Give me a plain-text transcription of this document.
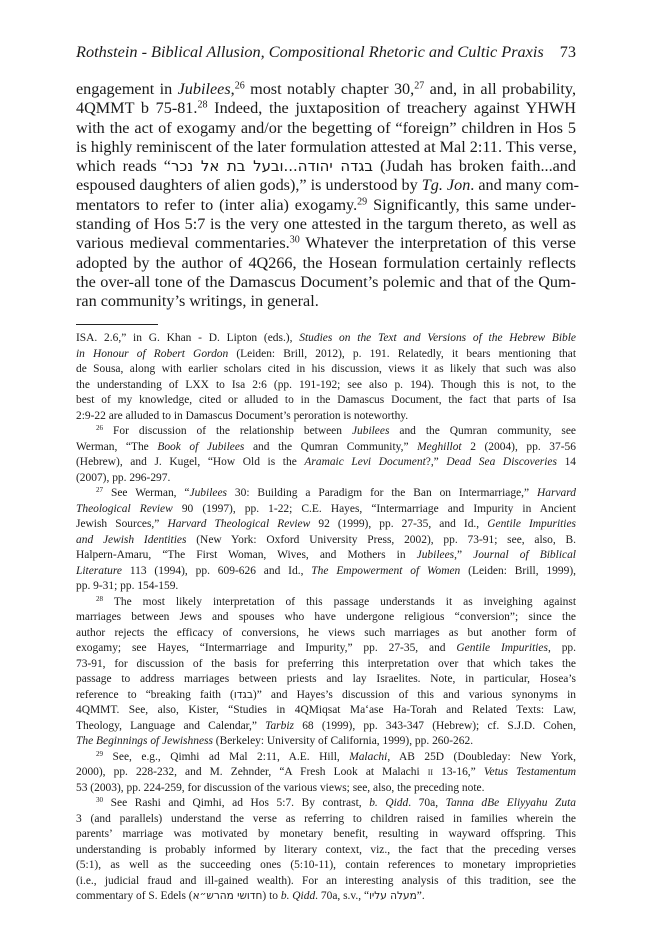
Rothstein - Biblical Allusion, Compositional Rhetoric and Cultic Praxis 73
engagement in Jubilees,$^{26}$ most notably chapter 30,27 and, in all probability,
4QMMT b 75-81.28 Indeed, the juxtaposition of treachery against YHWH
with the act of exogamy and/or the begetting of “foreign” children in Hos 5
is highly reminiscent of the later formulation attested at Mal 2:11. This verse,
which reads “בגדה יהודה...ובעל בת אל נכר (Judah has broken faith...and
espoused daughters of alien gods),” is understood by Tg. Jon. and many com-
mentators to refer to (inter alia) exogamy.$^{29}$ Significantly, this same under-
standing of Hos 5:7 is the very one attested in the targum thereto, as well as
various medieval commentaries.$^{30}$ Whatever the interpretation of this verse
adopted by the author of 4Q266, the Hosean formulation certainly reflects
the over-all tone of the Damascus Document’s polemic and that of the Qum-
ran community’s writings, in general.
ISA. 2.6,” in G. Khan - D. Lipton (eds.), Studies on the Text and Versions of the Hebrew Bible
in Honour of Robert Gordon (Leiden: Brill, 2012), p. 191. Relatedly, it bears mentioning that
de Sousa, along with earlier scholars cited in his discussion, views it as likely that such was also
the understanding of LXX to Isa 2:6 (pp. 191-192; see also p. 194). Though this is not, to the
best of my knowledge, cited or alluded to in the Damascus Document, the fact that parts of Isa
2:9-22 are alluded to in Damascus Document’s peroration is noteworthy.
$^{26}$ For discussion of the relationship between Jubilees and the Qumran community, see
Werman, “The Book of Jubilees and the Qumran Community,” Meghillot 2 (2004), pp. 37-56
(Hebrew), and J. Kugel, “How Old is the Aramaic Levi Document?,” Dead Sea Discoveries 14
(2007), pp. 296-297.
$^{27}$ See Werman, “Jubilees 30: Building a Paradigm for the Ban on Intermarriage,” Harvard
Theological Review 90 (1997), pp. 1-22; C.E. Hayes, “Intermarriage and Impurity in Ancient
Jewish Sources,” Harvard Theological Review 92 (1999), pp. 27-35, and Id., Gentile Impurities
and Jewish Identities (New York: Oxford University Press, 2002), pp. 73-91; see, also, B.
Halpern-Amaru, “The First Woman, Wives, and Mothers in Jubilees,” Journal of Biblical
Literature 113 (1994), pp. 609-626 and Id., The Empowerment of Women (Leiden: Brill, 1999),
pp. 9-31; pp. 154-159.
$^{28}$ The most likely interpretation of this passage understands it as inveighing against
marriages between Jews and spouses who have undergone religious “conversion”; since the
author rejects the efficacy of conversions, he views such marriages as but another form of
exogamy; see Hayes, “Intermarriage and Impurity,” pp. 27-35, and Gentile Impurities, pp.
73-91, for discussion of the basis for preferring this interpretation over that which takes the
passage to address marriages between priests and lay Israelites. Note, in particular, Hosea’s
reference to “breaking faith (בגדו)” and Hayes’s discussion of this and various synonyms in
4QMMT. See, also, Kister, “Studies in 4QMiqsat Ma‘ase Ha-Torah and Related Texts: Law,
Theology, Language and Calendar,” Tarbiz 68 (1999), pp. 343-347 (Hebrew); cf. S.J.D. Cohen,
The Beginnings of Jewishness (Berkeley: University of California, 1999), pp. 260-262.
$^{29}$ See, e.g., Qimhi ad Mal 2:11, A.E. Hill, Malachi, AB 25D (Doubleday: New York,
2000), pp. 228-232, and M. Zehnder, “A Fresh Look at Malachi ii 13-16,” Vetus Testamentum
53 (2003), pp. 224-259, for discussion of the various views; see, also, the preceding note.
$^{30}$ See Rashi and Qimhi, ad Hos 5:7. By contrast, b. Qidd. 70a, Tanna dBe Eliyyahu Zuta
3 (and parallels) understand the verse as referring to children raised in families wherein the
parents’ marriage was motivated by monetary benefit, resulting in wayward offspring. This
understanding is probably informed by literary context, viz., the fact that the preceding verses
(5:1), as well as the succeeding ones (5:10-11), contain references to monetary improprieties
(i.e., judicial fraud and ill-gained wealth). For an interesting analysis of this tradition, see the
commentary of S. Edels (חדושי מהרש״א) to b. Qidd. 70a, s.v., “מעלה עליו”.
